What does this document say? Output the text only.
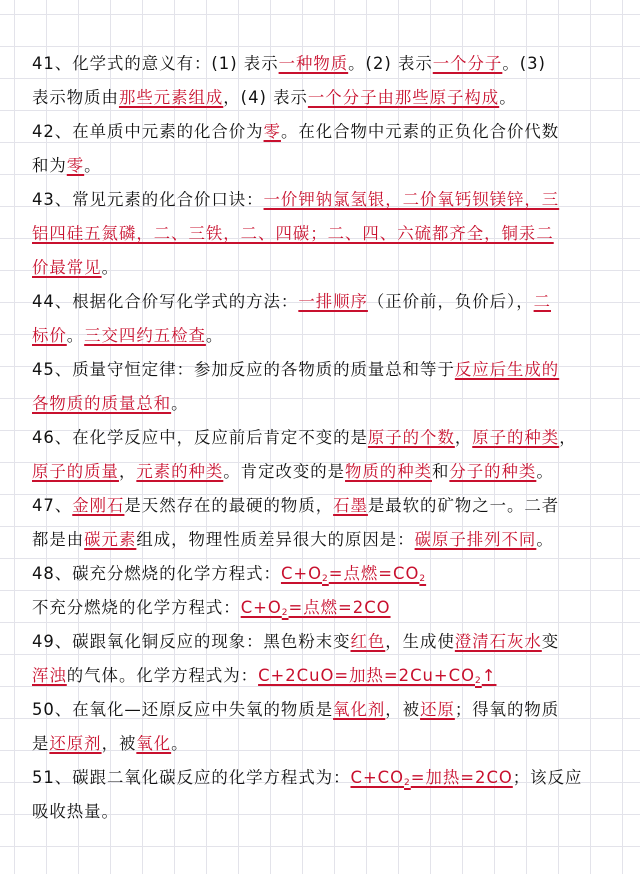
41、化学式的意义有：(1) 表示一种物质。(2) 表示一个分子。(3)
表示物质由那些元素组成，(4) 表示一个分子由那些原子构成。
42、在单质中元素的化合价为零。在化合物中元素的正负化合价代数
和为零。
43、常见元素的化合价口诀：一价钾钠氯氢银，二价氧钙钡镁锌，三
铝四硅五氮磷，二、三铁，二、四碳；二、四、六硫都齐全，铜汞二
价最常见。
44、根据化合价写化学式的方法：一排顺序（正价前，负价后），二
标价。三交四约五检查。
45、质量守恒定律：参加反应的各物质的质量总和等于反应后生成的
各物质的质量总和。
46、在化学反应中，反应前后肯定不变的是原子的个数，原子的种类，
原子的质量，元素的种类。肯定改变的是物质的种类和分子的种类。
47、金刚石是天然存在的最硬的物质，石墨是最软的矿物之一。二者
都是由碳元素组成，物理性质差异很大的原因是：碳原子排列不同。
48、碳充分燃烧的化学方程式：$C+O_2=$点燃$=CO_2$
不充分燃烧的化学方程式：$C+O_2=$点燃=2CO
49、碳跟氧化铜反应的现象：黑色粉末变红色，生成使澄清石灰水变
浑浊的气体。化学方程式为：C+2CuO=加热$=2Cu+CO_2↑$
50、在氧化—还原反应中失氧的物质是氧化剂，被还原；得氧的物质
是还原剂，被氧化。
51、碳跟二氧化碳反应的化学方程式为：$C+CO_2=$加热=2CO；该反应
吸收热量。
